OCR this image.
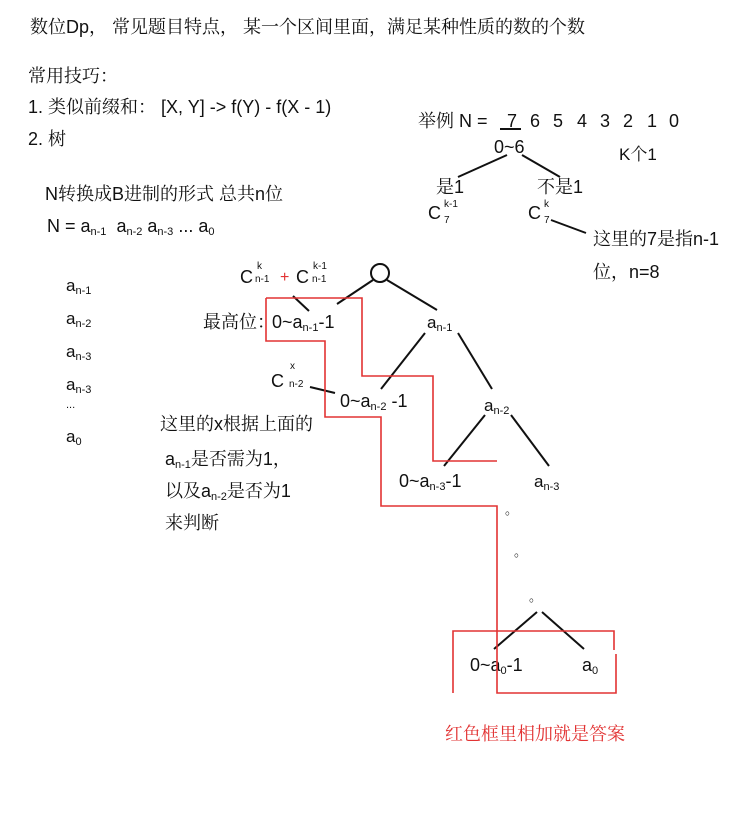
数位Dp， 常见题目特点， 某一个区间里面，满足某种性质的数的个数
常用技巧：
1. 类似前缀和： [X, Y] -> f(Y) - f(X - 1)
2. 树
N转换成B进制的形式 总共n位
$N = a_{n-1}$ $a_{n-2}$ $a_{n-3}$ ... $a_0$
$a_{n-1}$
$a_{n-2}$
$a_{n-3}$
$a_{n-3}$
...
$a_0$
举例 N = 7 6 5 4 3 2 1 0
0~6	K个1
是1	不是1
C k-1
7	C k
7
这里的7是指n-1
位，n=8
C
k
n-1 + C
k-1
n-1
最高位：
$0\sim a_{n-1}-1$	$a_{n-1}$
$0\sim a_{n-2}$ -1	$a_{n-2}$
$0\sim a_{n-3}-1$	$a_{n-3}$
$0\sim a_0-1$	$a_0$
C
x
n-2
。
。
。
这里的x根据上面的
$a_{n-1}$是否需为1，
以及$a_{n-2}$是否为1
来判断
红色框里相加就是答案
